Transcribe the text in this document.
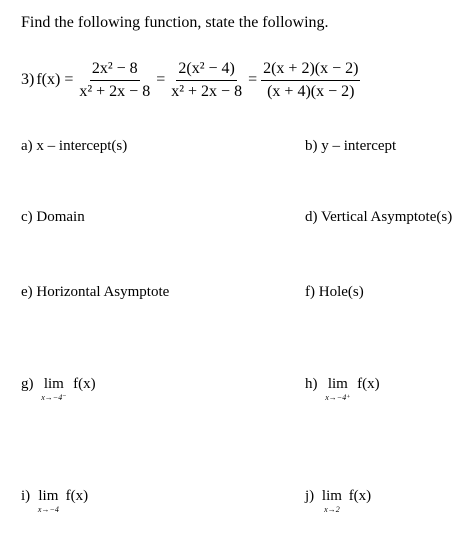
Find the following function, state the following.
3) $f(x) = \frac{\text{2x² − 8}}{\text{x² + 2x − 8}} = \frac{\text{2(x² − 4)}}{\text{x² + 2x − 8}} = \frac{2(x + 2)(x - 2)}{(x + 4)(x - 2)}$
a) x – intercept(s)	b) y – intercept
c) Domain	d) Vertical Asymptote(s)
e) Horizontal Asymptote	f) Hole(s)
g) lim
x→−4⁻
f(x)	h) lim
x→−4⁺
f(x)
i) lim
x→−4
f(x)	j) lim
x→2
f(x)
